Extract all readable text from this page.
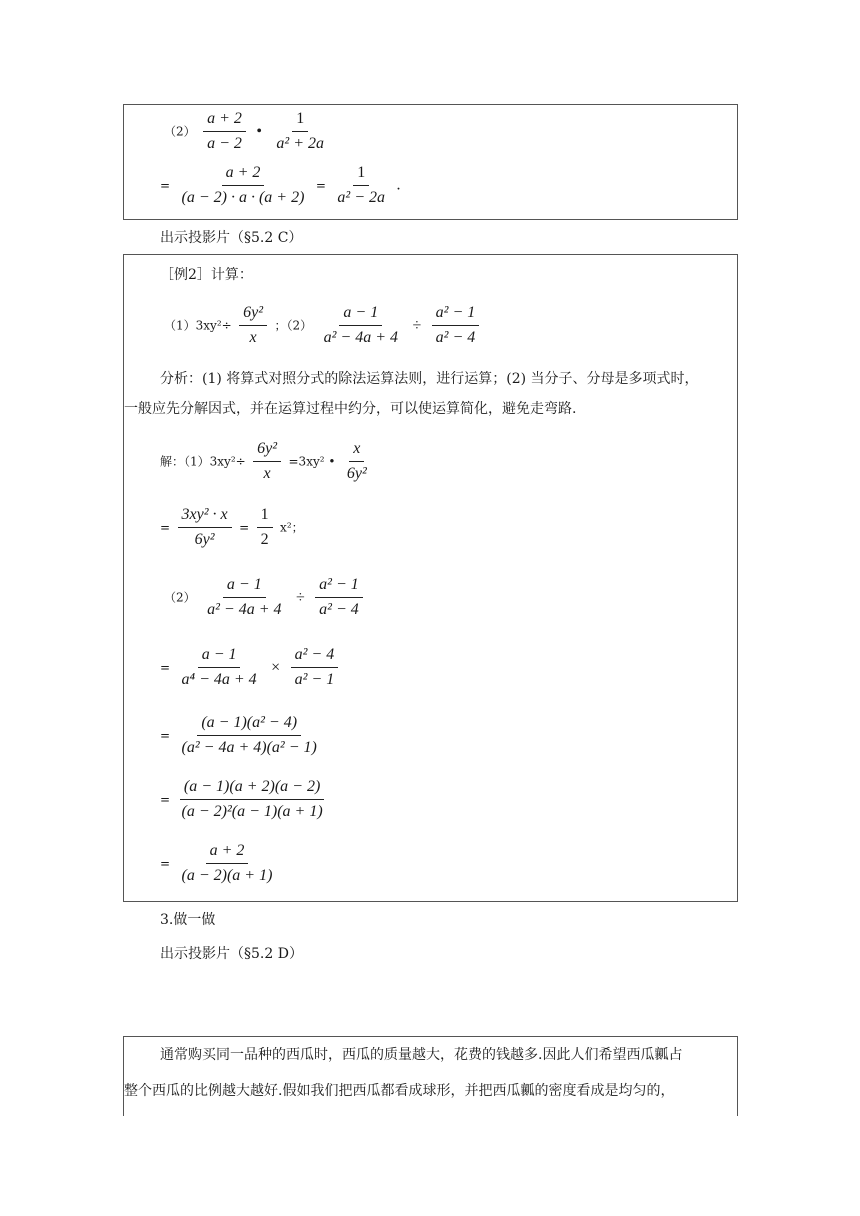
$(2) \frac{a + 2}{a - 2}$ • $\frac{1}{\text{a² + 2a}}$
= $\frac{a + 2}{(a - 2) \cdot a \cdot (a + 2)} = \frac{1}{\text{a² − 2a}}$ .
出示投影片（§5.2 C）
［例2］计算：
$(1)3xy^2\div \frac{\text{6y²}}{x}$ ；$(2) \frac{a - 1}{\text{a² − 4a + 4}} \div \frac{\text{a² − 1}}{\text{a² − 4}}$
分析：(1) 将算式对照分式的除法运算法则，进行运算；(2) 当分子、分母是多项式时，
一般应先分解因式，并在运算过程中约分，可以使运算简化，避免走弯路.
解：$(1)3xy^2\div \frac{\text{6y²}}{x} =3xy^2$ • $\frac{x}{\text{6y²}}$
= $\frac{\text{3xy² · x}}{\text{6y²}} = \frac{1}{2} x^2$；
$(2) \frac{a - 1}{\text{a² − 4a + 4}} \div \frac{\text{a² − 1}}{\text{a² − 4}}$
= $\frac{a - 1}{\text{a⁴ − 4a + 4}} \times \frac{\text{a² − 4}}{\text{a² − 1}}$
= $\frac{\text{(a − 1)(a² − 4)}}{\text{(a² − 4a + 4)(a² − 1)}}$
= $\frac{(a - 1)(a + 2)(a - 2)}{\text{(a − 2)²(a − 1)(a + 1)}}$
= $\frac{a + 2}{(a - 2)(a + 1)}$
3.做一做
出示投影片（§5.2 D）
通常购买同一品种的西瓜时，西瓜的质量越大，花费的钱越多.因此人们希望西瓜瓤占
整个西瓜的比例越大越好.假如我们把西瓜都看成球形，并把西瓜瓤的密度看成是均匀的，
